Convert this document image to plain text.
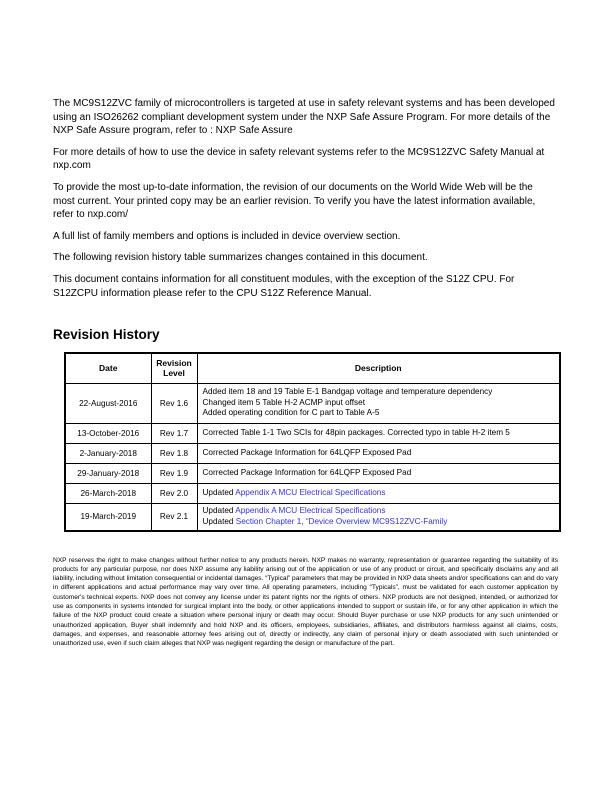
The MC9S12ZVC family of microcontrollers is targeted at use in safety relevant systems and has been developed using an ISO26262 compliant development system under the NXP Safe Assure Program. For more details of the NXP Safe Assure program, refer to : NXP Safe Assure

For more details of how to use the device in safety relevant systems refer to the MC9S12ZVC Safety Manual at nxp.com

To provide the most up-to-date information, the revision of our documents on the World Wide Web will be the most current. Your printed copy may be an earlier revision. To verify you have the latest information available, refer to nxp.com/

A full list of family members and options is included in device overview section.

The following revision history table summarizes changes contained in this document.

This document contains information for all constituent modules, with the exception of the S12Z CPU. For S12ZCPU information please refer to the CPU S12Z Reference Manual.

Revision History
Date	Revision Level	Description
22-August-2016	Rev 1.6	Added item 18 and 19 Table E-1 Bandgap voltage and temperature dependency
Changed item 5 Table H-2 ACMP input offset
Added operating condition for C part to Table A-5

13-October-2016	Rev 1.7	Corrected Table 1-1 Two SCIs for 48pin packages. Corrected typo in table H-2 item 5

2-January-2018	Rev 1.8	Corrected Package Information for 64LQFP Exposed Pad

29-January-2018	Rev 1.9	Corrected Package Information for 64LQFP Exposed Pad

26-March-2018	Rev 2.0	Updated Appendix A MCU Electrical Specifications

19-March-2019	Rev 2.1	Updated Appendix A MCU Electrical Specifications
Updated Section Chapter 1, “Device Overview MC9S12ZVC-Family

NXP reserves the right to make changes without further notice to any products herein. NXP makes no warranty, representation or guarantee regarding the suitability of its products for any particular purpose, nor does NXP assume any liability arising out of the application or use of any product or circuit, and specifically disclaims any and all liability, including without limitation consequential or incidental damages. “Typical” parameters that may be provided in NXP data sheets and/or specifications can and do vary in different applications and actual performance may vary over time. All operating parameters, including “Typicals”, must be validated for each customer application by customer's technical experts. NXP does not convey any license under its patent rights nor the rights of others. NXP products are not designed, intended, or authorized for use as components in systems intended for surgical implant into the body, or other applications intended to support or sustain life, or for any other application in which the failure of the NXP product could create a situation where personal injury or death may occur. Should Buyer purchase or use NXP products for any such unintended or unauthorized application, Buyer shall indemnify and hold NXP and its officers, employees, subsidiaries, affiliates, and distributors harmless against all claims, costs, damages, and expenses, and reasonable attorney fees arising out of, directly or indirectly, any claim of personal injury or death associated with such unintended or unauthorized use, even if such claim alleges that NXP was negligent regarding the design or manufacture of the part.
